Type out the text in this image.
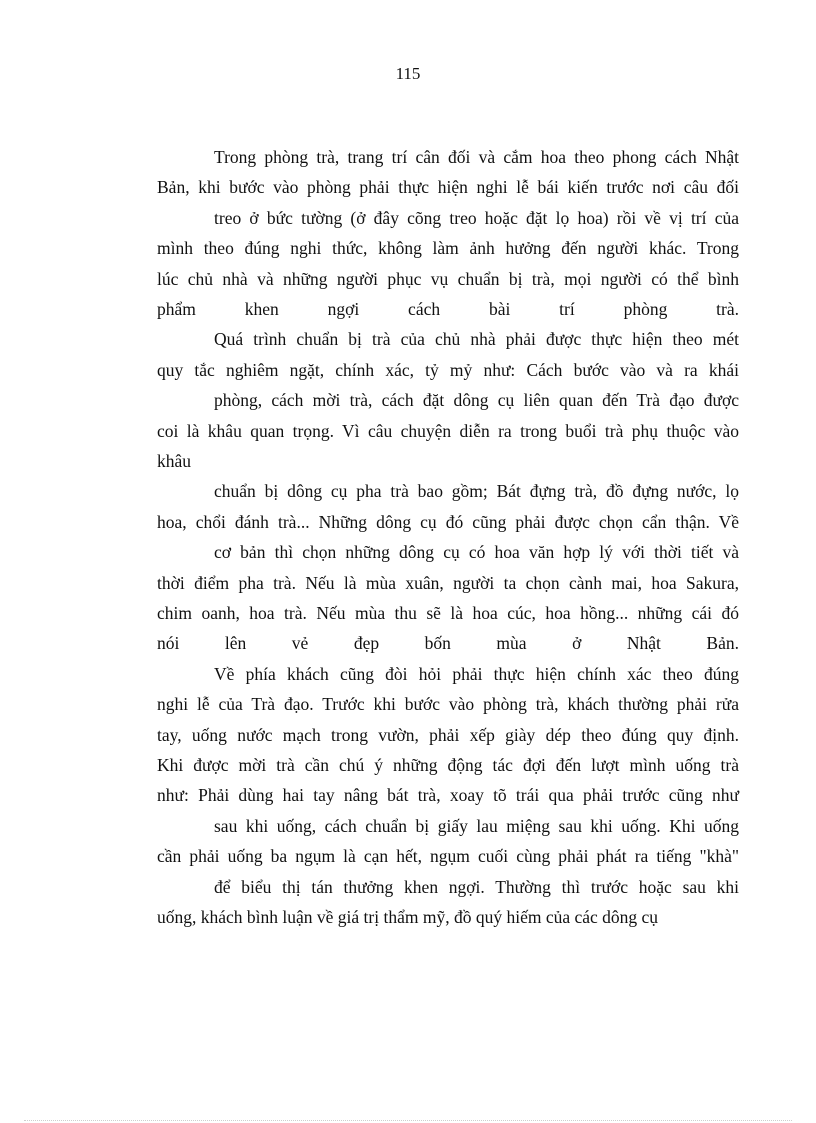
115
Trong phòng trà, trang trí cân đối và cắm hoa theo phong cách Nhật
Bản, khi bước vào phòng phải thực hiện nghi lễ bái kiến trước nơi câu đối
treo ở bức tường (ở đây cõng treo hoặc đặt lọ hoa) rồi về vị trí của
mình theo đúng nghi thức, không làm ảnh hưởng đến người khác. Trong
lúc chủ nhà và những người phục vụ chuẩn bị trà, mọi người có thể bình
phẩm khen ngợi cách bài trí phòng trà.
Quá trình chuẩn bị trà của chủ nhà phải được thực hiện theo mét
quy tắc nghiêm ngặt, chính xác, tỷ mỷ như: Cách bước vào và ra khái
phòng, cách mời trà, cách đặt dông cụ liên quan đến Trà đạo được
coi là khâu quan trọng. Vì câu chuyện diễn ra trong buổi trà phụ thuộc vào
khâu
chuẩn bị dông cụ pha trà bao gồm; Bát đựng trà, đồ đựng nước, lọ
hoa, chổi đánh trà... Những dông cụ đó cũng phải được chọn cẩn thận. Về
cơ bản thì chọn những dông cụ có hoa văn hợp lý với thời tiết và
thời điểm pha trà. Nếu là mùa xuân, người ta chọn cành mai, hoa Sakura,
chim oanh, hoa trà. Nếu mùa thu sẽ là hoa cúc, hoa hồng... những cái đó
nói lên vẻ đẹp bốn mùa ở Nhật Bản.
Về phía khách cũng đòi hỏi phải thực hiện chính xác theo đúng
nghi lễ của Trà đạo. Trước khi bước vào phòng trà, khách thường phải rửa
tay, uống nước mạch trong vườn, phải xếp giày dép theo đúng quy định.
Khi được mời trà cần chú ý những động tác đợi đến lượt mình uống trà
như: Phải dùng hai tay nâng bát trà, xoay tõ trái qua phải trước cũng như
sau khi uống, cách chuẩn bị giấy lau miệng sau khi uống. Khi uống
cần phải uống ba ngụm là cạn hết, ngụm cuối cùng phải phát ra tiếng "khà"
để biểu thị tán thưởng khen ngợi. Thường thì trước hoặc sau khi
uống, khách bình luận về giá trị thẩm mỹ, đồ quý hiếm của các dông cụ
